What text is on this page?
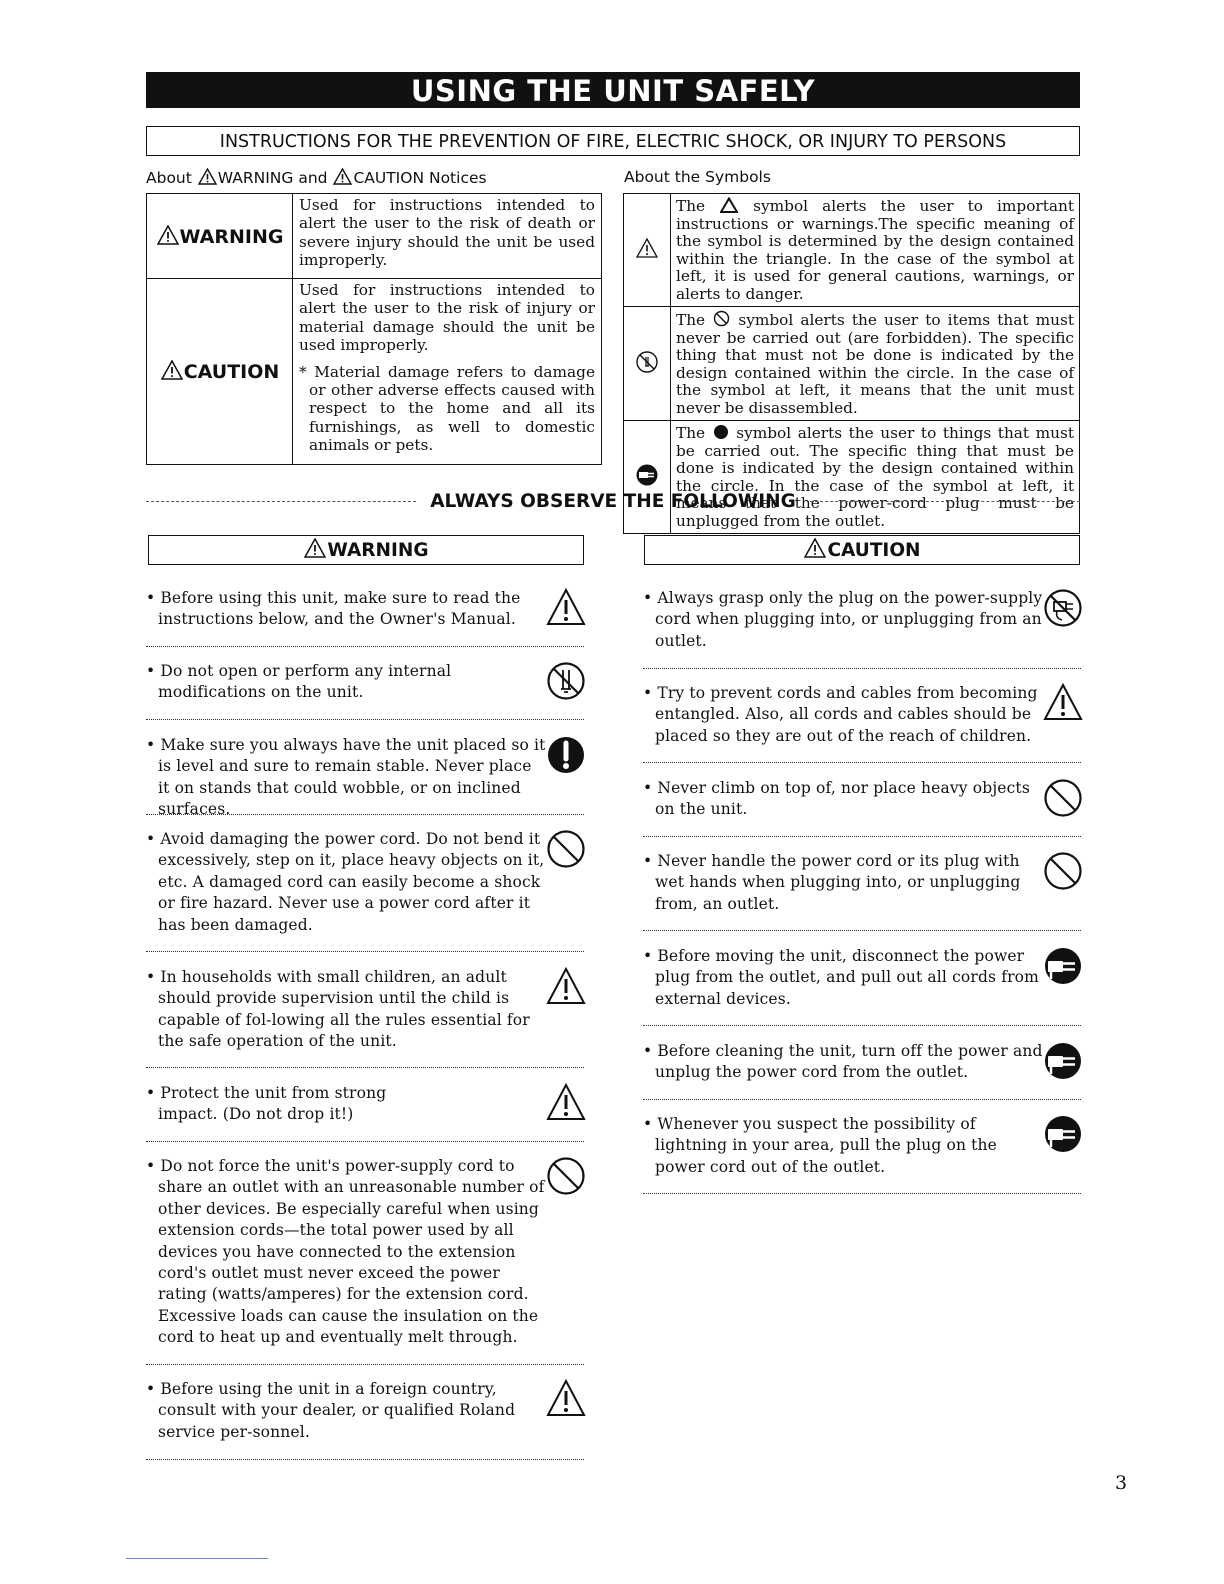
USING THE UNIT SAFELY
INSTRUCTIONS FOR THE PREVENTION OF FIRE, ELECTRIC SHOCK, OR INJURY TO PERSONS
About WARNING and CAUTION Notices
WARNING	Used for instructions intended to alert the user to the risk of death or severe injury should the unit be used improperly.
CAUTION	Used for instructions intended to alert the user to the risk of injury or material damage should the unit be used improperly.
* Material damage refers to damage or other adverse effects caused with respect to the home and all its furnishings, as well to domestic animals or pets.
About the Symbols
	The symbol alerts the user to important instructions or warnings.The specific meaning of the symbol is determined by the design contained within the triangle. In the case of the symbol at left, it is used for general cautions, warnings, or alerts to danger.
	The symbol alerts the user to items that must never be carried out (are forbidden). The specific thing that must not be done is indicated by the design contained within the circle. In the case of the symbol at left, it means that the unit must never be disassembled.
	The symbol alerts the user to things that must be carried out. The specific thing that must be done is indicated by the design contained within the circle. In the case of the symbol at left, it means that the power-cord plug must be unplugged from the outlet.
ALWAYS OBSERVE THE FOLLOWING
WARNING	CAUTION
• Before using this unit, make sure to read the instructions below, and the Owner's Manual.
• Do not open or perform any internal modifications on the unit.
• Make sure you always have the unit placed so it is level and sure to remain stable. Never place it on stands that could wobble, or on inclined surfaces.
• Avoid damaging the power cord. Do not bend it excessively, step on it, place heavy objects on it, etc. A damaged cord can easily become a shock or fire hazard. Never use a power cord after it has been damaged.
• In households with small children, an adult should provide supervision until the child is capable of fol-lowing all the rules essential for the safe operation of the unit.
• Protect the unit from strong impact. (Do not drop it!)
• Do not force the unit's power-supply cord to share an outlet with an unreasonable number of other devices. Be especially careful when using extension cords—the total power used by all devices you have connected to the extension cord's outlet must never exceed the power rating (watts/amperes) for the extension cord. Excessive loads can cause the insulation on the cord to heat up and eventually melt through.
• Before using the unit in a foreign country, consult with your dealer, or qualified Roland service per-sonnel.
• Always grasp only the plug on the power-supply cord when plugging into, or unplugging from an outlet.
• Try to prevent cords and cables from becoming entangled. Also, all cords and cables should be placed so they are out of the reach of children.
• Never climb on top of, nor place heavy objects on the unit.
• Never handle the power cord or its plug with wet hands when plugging into, or unplugging from, an outlet.
• Before moving the unit, disconnect the power plug from the outlet, and pull out all cords from external devices.
• Before cleaning the unit, turn off the power and unplug the power cord from the outlet.
• Whenever you suspect the possibility of lightning in your area, pull the plug on the power cord out of the outlet.
3
